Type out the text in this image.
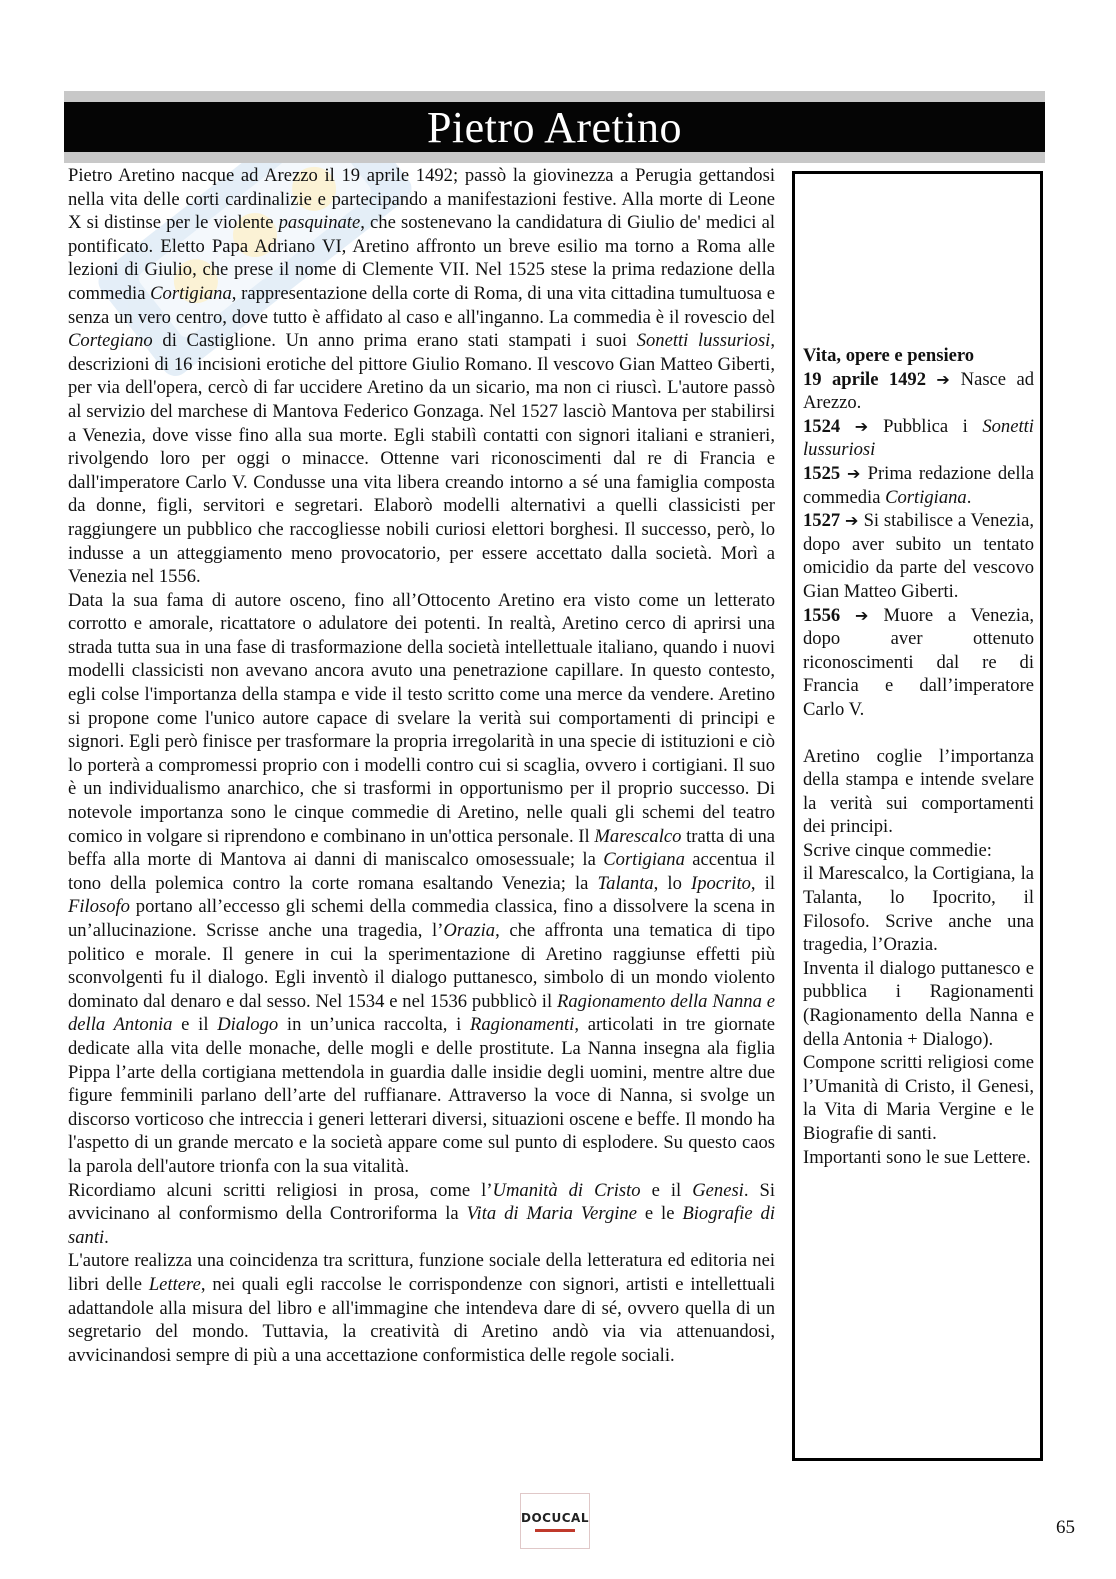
Pietro Aretino

Pietro Aretino nacque ad Arezzo il 19 aprile 1492; passò la giovinezza a Perugia gettandosi nella vita delle corti cardinalizie e partecipando a manifestazioni festive. Alla morte di Leone X si distinse per le violente pasquinate, che sostenevano la candidatura di Giulio de' medici al pontificato. Eletto Papa Adriano VI, Aretino affronto un breve esilio ma torno a Roma alle lezioni di Giulio, che prese il nome di Clemente VII. Nel 1525 stese la prima redazione della commedia Cortigiana, rappresentazione della corte di Roma, di una vita cittadina tumultuosa e senza un vero centro, dove tutto è affidato al caso e all'inganno. La commedia è il rovescio del Cortegiano di Castiglione. Un anno prima erano stati stampati i suoi Sonetti lussuriosi, descrizioni di 16 incisioni erotiche del pittore Giulio Romano. Il vescovo Gian Matteo Giberti, per via dell'opera, cercò di far uccidere Aretino da un sicario, ma non ci riuscì. L'autore passò al servizio del marchese di Mantova Federico Gonzaga. Nel 1527 lasciò Mantova per stabilirsi a Venezia, dove visse fino alla sua morte. Egli stabilì contatti con signori italiani e stranieri, rivolgendo loro per oggi o minacce. Ottenne vari riconoscimenti dal re di Francia e dall'imperatore Carlo V. Condusse una vita libera creando intorno a sé una famiglia composta da donne, figli, servitori e segretari. Elaborò modelli alternativi a quelli classicisti per raggiungere un pubblico che raccogliesse nobili curiosi elettori borghesi. Il successo, però, lo indusse a un atteggiamento meno provocatorio, per essere accettato dalla società. Morì a Venezia nel 1556.

Data la sua fama di autore osceno, fino all’Ottocento Aretino era visto come un letterato corrotto e amorale, ricattatore o adulatore dei potenti. In realtà, Aretino cerco di aprirsi una strada tutta sua in una fase di trasformazione della società intellettuale italiano, quando i nuovi modelli classicisti non avevano ancora avuto una penetrazione capillare. In questo contesto, egli colse l'importanza della stampa e vide il testo scritto come una merce da vendere. Aretino si propone come l'unico autore capace di svelare la verità sui comportamenti di principi e signori. Egli però finisce per trasformare la propria irregolarità in una specie di istituzioni e ciò lo porterà a compromessi proprio con i modelli contro cui si scaglia, ovvero i cortigiani. Il suo è un individualismo anarchico, che si trasformi in opportunismo per il proprio successo. Di notevole importanza sono le cinque commedie di Aretino, nelle quali gli schemi del teatro comico in volgare si riprendono e combinano in un'ottica personale. Il Marescalco tratta di una beffa alla morte di Mantova ai danni di maniscalco omosessuale; la Cortigiana accentua il tono della polemica contro la corte romana esaltando Venezia; la Talanta, lo Ipocrito, il Filosofo portano all’eccesso gli schemi della commedia classica, fino a dissolvere la scena in un’allucinazione. Scrisse anche una tragedia, l’Orazia, che affronta una tematica di tipo politico e morale. Il genere in cui la sperimentazione di Aretino raggiunse effetti più sconvolgenti fu il dialogo. Egli inventò il dialogo puttanesco, simbolo di un mondo violento dominato dal denaro e dal sesso. Nel 1534 e nel 1536 pubblicò il Ragionamento della Nanna e della Antonia e il Dialogo in un’unica raccolta, i Ragionamenti, articolati in tre giornate dedicate alla vita delle monache, delle mogli e delle prostitute. La Nanna insegna ala figlia Pippa l’arte della cortigiana mettendola in guardia dalle insidie degli uomini, mentre altre due figure femminili parlano dell’arte del ruffianare. Attraverso la voce di Nanna, si svolge un discorso vorticoso che intreccia i generi letterari diversi, situazioni oscene e beffe. Il mondo ha l'aspetto di un grande mercato e la società appare come sul punto di esplodere. Su questo caos la parola dell'autore trionfa con la sua vitalità.

Ricordiamo alcuni scritti religiosi in prosa, come l’Umanità di Cristo e il Genesi. Si avvicinano al conformismo della Controriforma la Vita di Maria Vergine e le Biografie di santi.

L'autore realizza una coincidenza tra scrittura, funzione sociale della letteratura ed editoria nei libri delle Lettere, nei quali egli raccolse le corrispondenze con signori, artisti e intellettuali adattandole alla misura del libro e all'immagine che intendeva dare di sé, ovvero quella di un segretario del mondo. Tuttavia, la creatività di Aretino andò via via attenuandosi, avvicinandosi sempre di più a una accettazione conformistica delle regole sociali.

Vita, opere e pensiero

19 aprile 1492 ➔ Nasce ad Arezzo.

1524 ➔ Pubblica i Sonetti lussuriosi

1525 ➔ Prima redazione della commedia Cortigiana.

1527 ➔ Si stabilisce a Venezia, dopo aver subito un tentato omicidio da parte del vescovo Gian Matteo Giberti.

1556 ➔ Muore a Venezia, dopo aver ottenuto riconoscimenti dal re di Francia e dall’imperatore Carlo V.

Aretino coglie l’importanza della stampa e intende svelare la verità sui comportamenti dei principi.

Scrive cinque commedie:

il Marescalco, la Cortigiana, la Talanta, lo Ipocrito, il Filosofo. Scrive anche una tragedia, l’Orazia.

Inventa il dialogo puttanesco e pubblica i Ragionamenti (Ragionamento della Nanna e della Antonia + Dialogo).

Compone scritti religiosi come l’Umanità di Cristo, il Genesi, la Vita di Maria Vergine e le Biografie di santi.

Importanti sono le sue Lettere.

DOCUCAL	65
